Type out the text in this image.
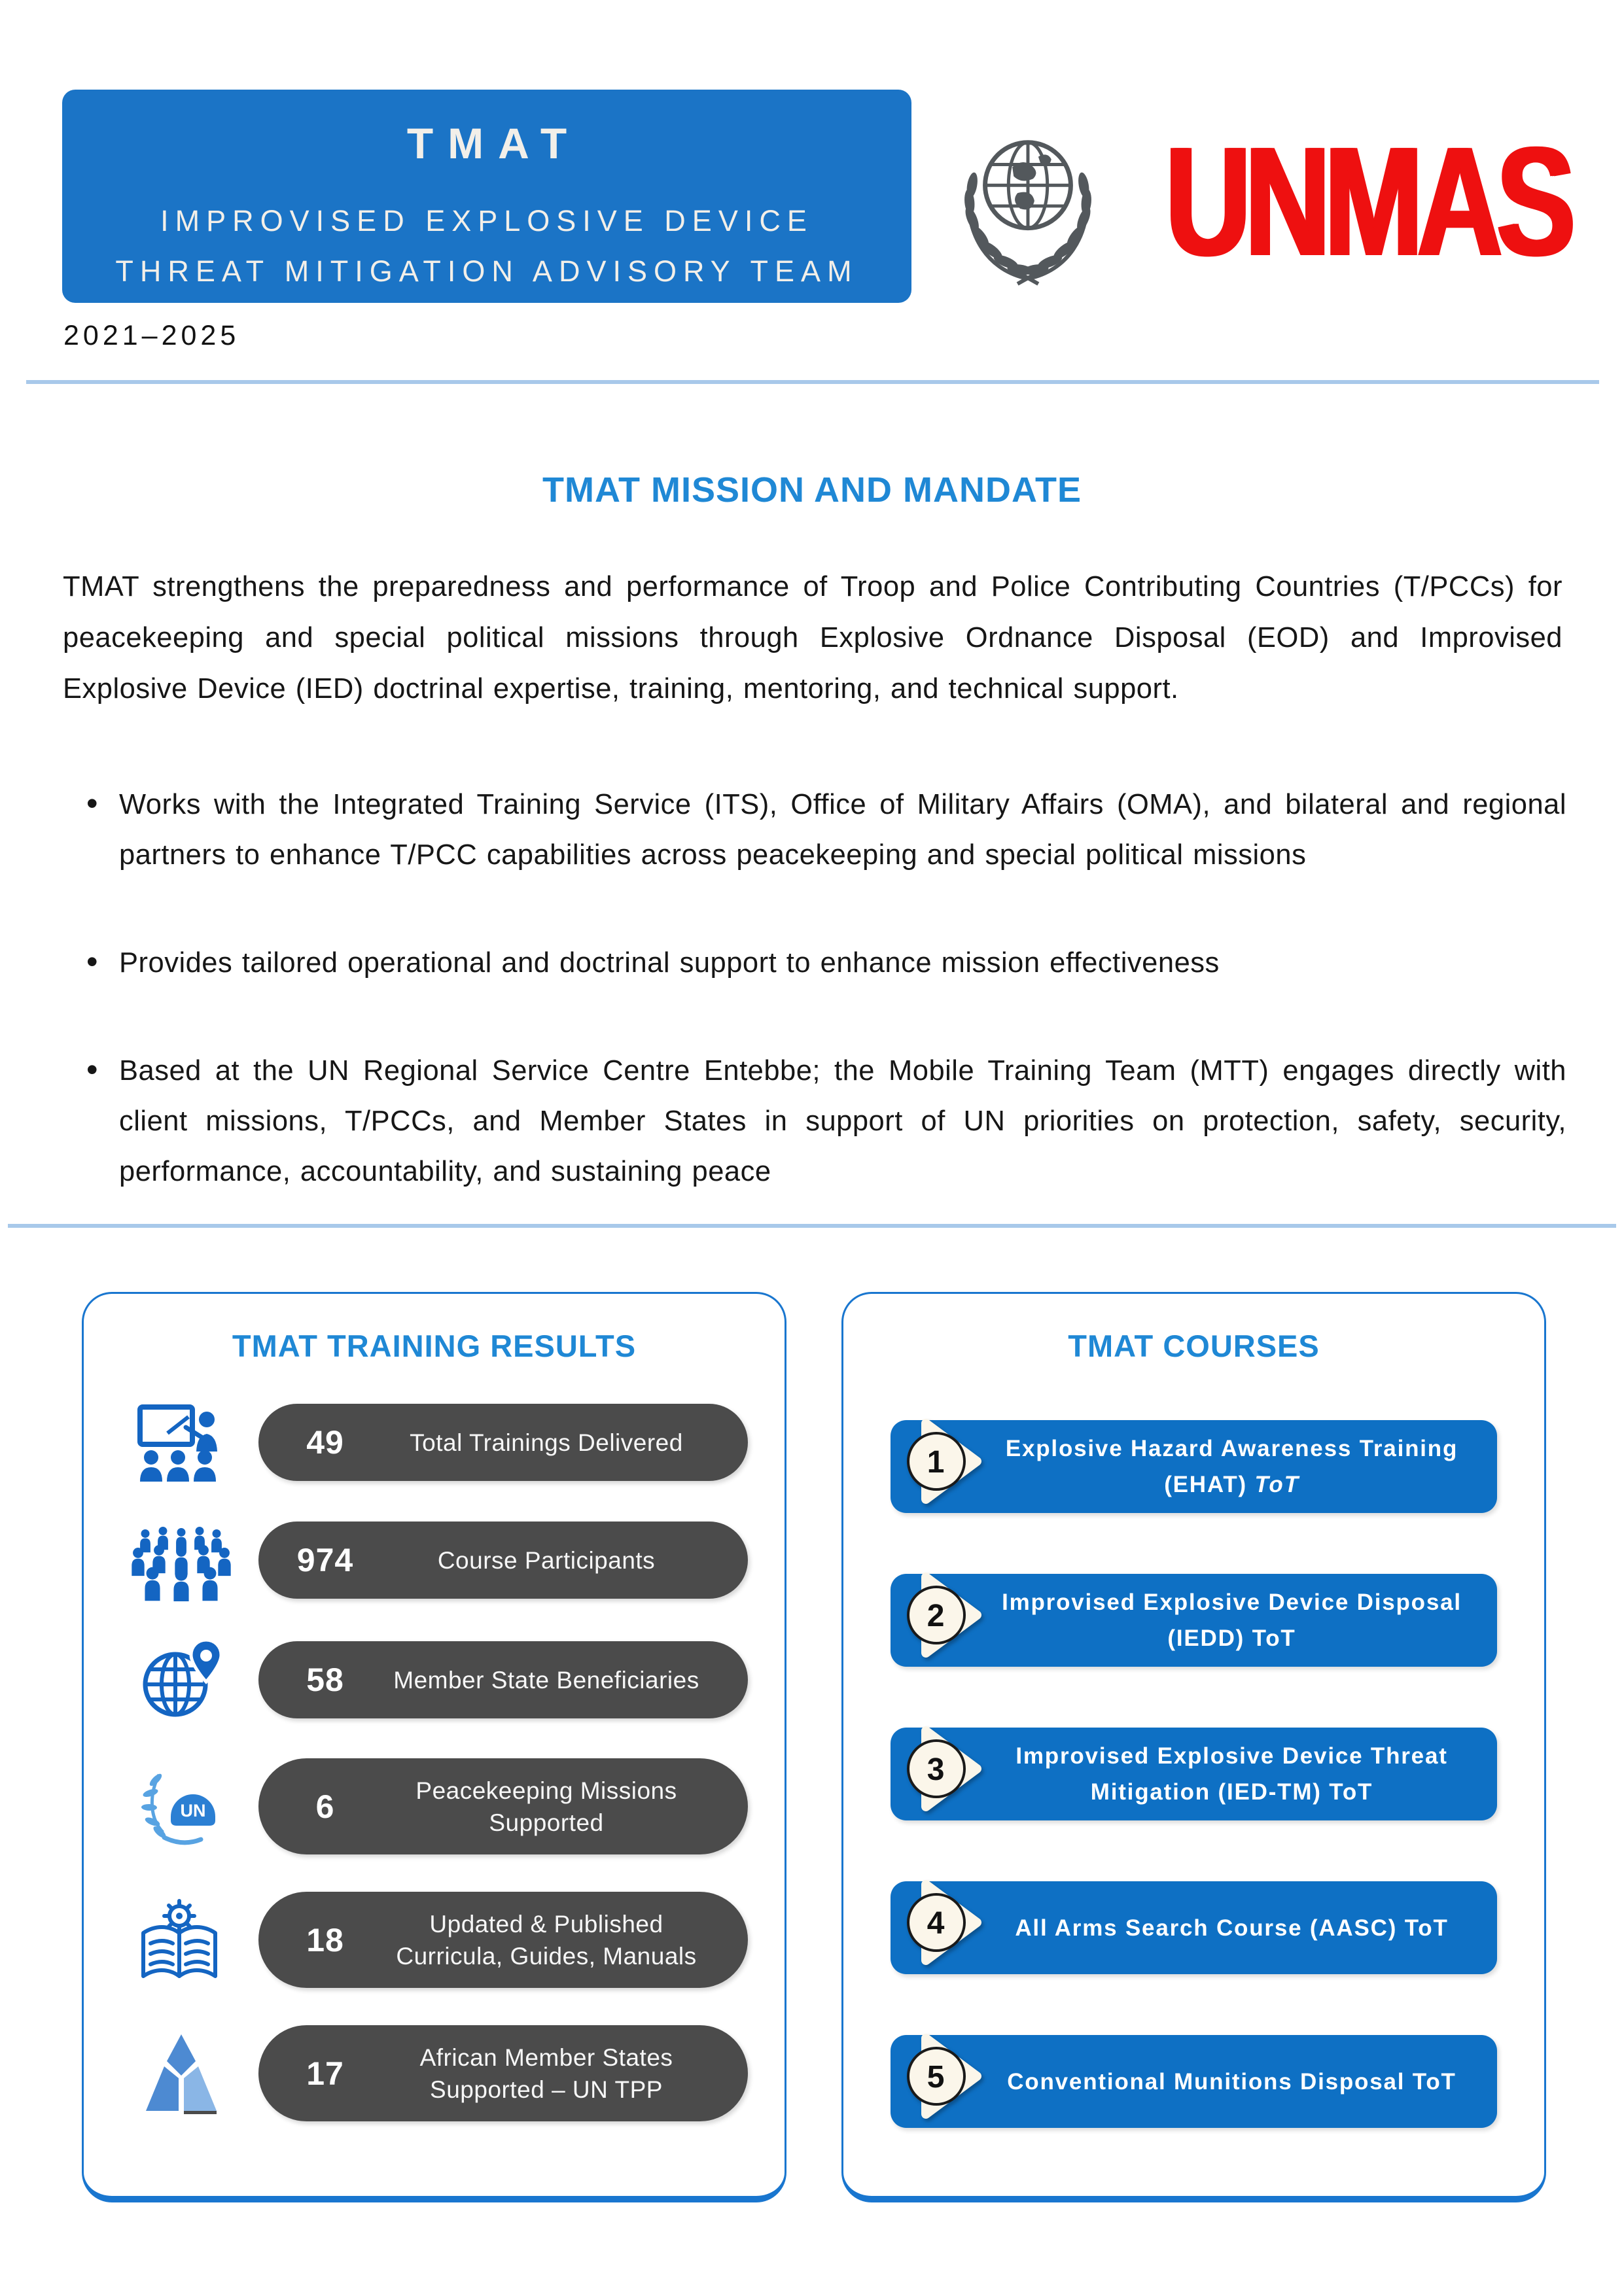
TMAT
IMPROVISED EXPLOSIVE DEVICE
THREAT MITIGATION ADVISORY TEAM	UNMAS
2021–2025
TMAT MISSION AND MANDATE

TMAT strengthens the preparedness and performance of Troop and Police Contributing Countries (T/PCCs) for peacekeeping and special political missions through Explosive Ordnance Disposal (EOD) and Improvised Explosive Device (IED) doctrinal expertise, training, mentoring, and technical support.

• Works with the Integrated Training Service (ITS), Office of Military Affairs (OMA), and bilateral and regional partners to enhance T/PCC capabilities across peacekeeping and special political missions
• Provides tailored operational and doctrinal support to enhance mission effectiveness
• Based at the UN Regional Service Centre Entebbe; the Mobile Training Team (MTT) engages directly with client missions, T/PCCs, and Member States in support of UN priorities on protection, safety, security, performance, accountability, and sustaining peace
TMAT TRAINING RESULTS
49	Total Trainings Delivered
974	Course Participants
58	Member State Beneficiaries
UN	6	Peacekeeping Missions
Supported
18	Updated & Published
Curricula, Guides, Manuals
17	African Member States
Supported – UN TPP
TMAT COURSES
1	Explosive Hazard Awareness Training
(EHAT) ToT
2	Improvised Explosive Device Disposal
(IEDD) ToT
3	Improvised Explosive Device Threat
Mitigation (IED-TM) ToT
4	All Arms Search Course (AASC) ToT
5	Conventional Munitions Disposal ToT
